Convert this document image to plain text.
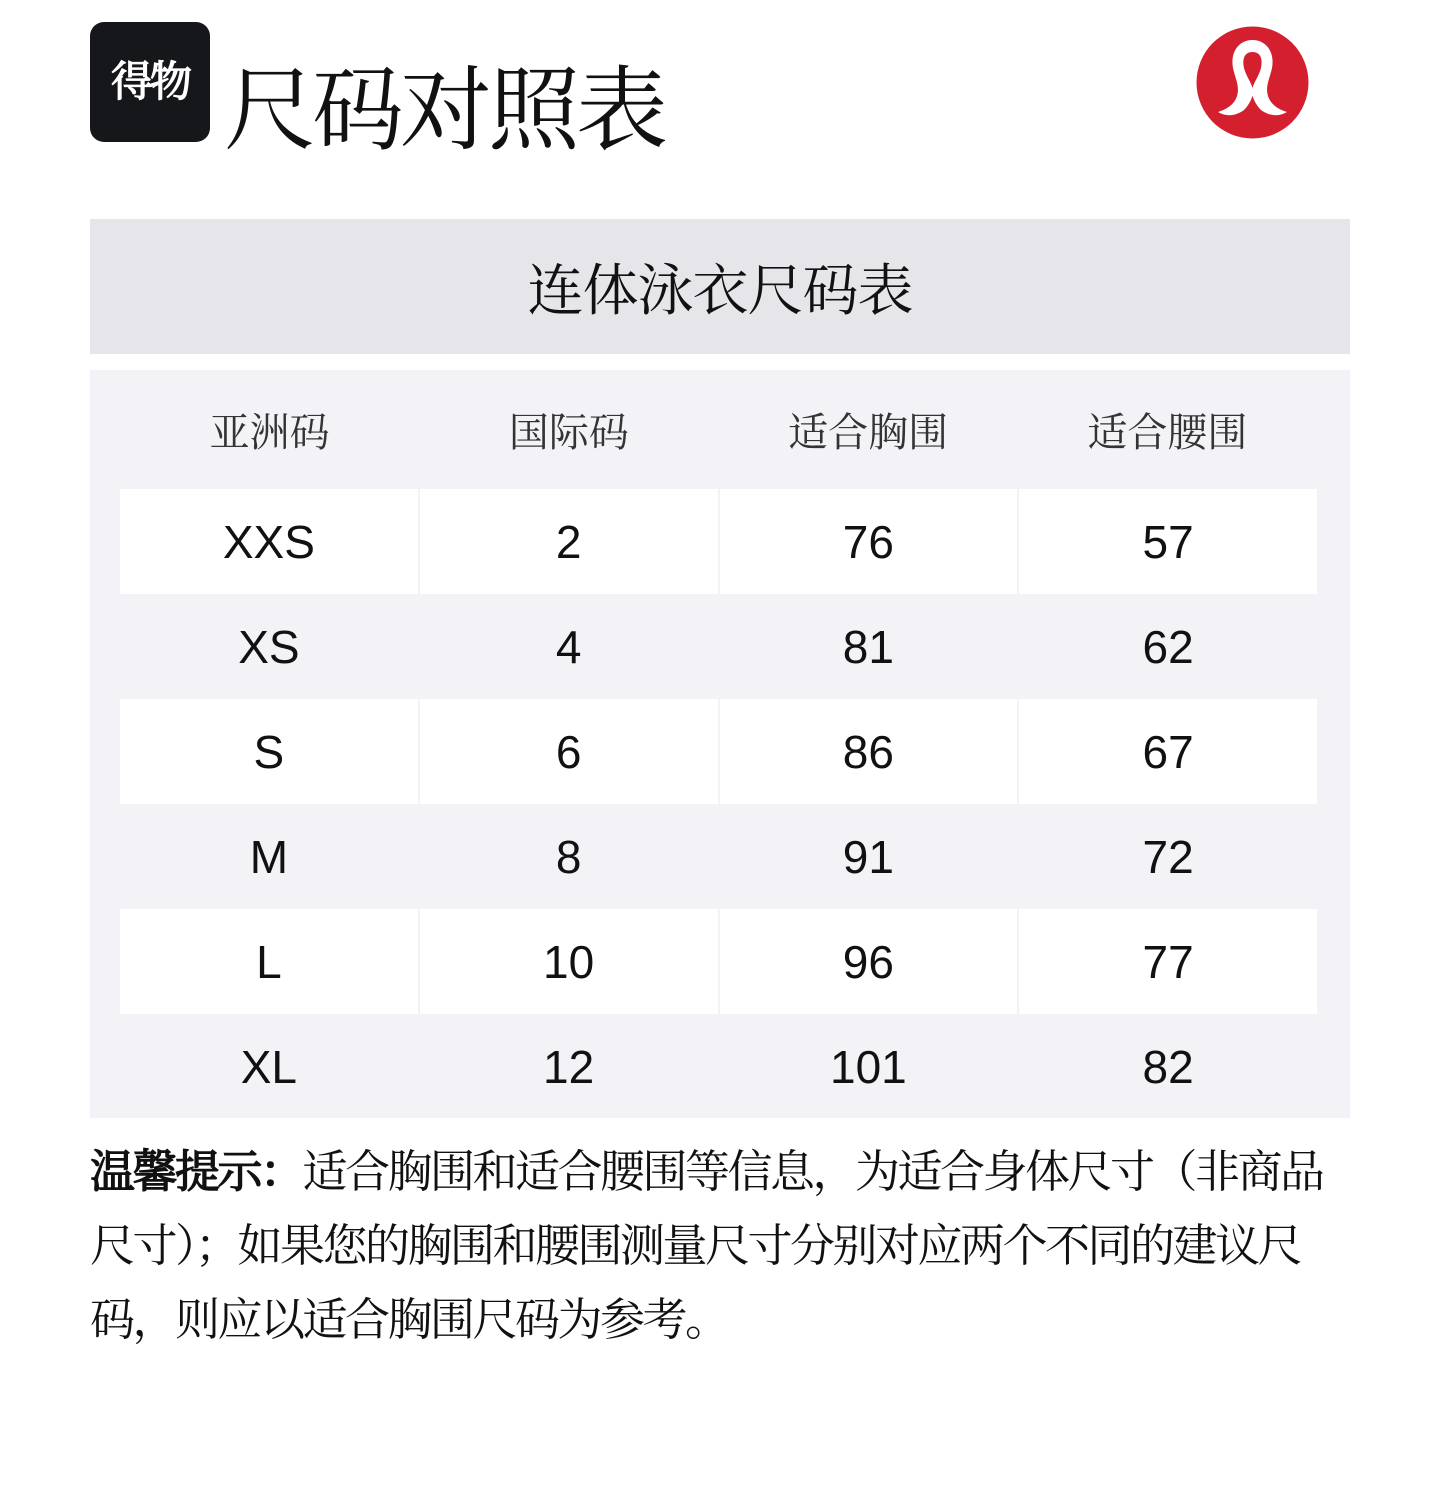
得物 尺码对照表
连体泳衣尺码表
亚洲码	国际码	适合胸围	适合腰围
XXS	2	76	57
XS	4	81	62
S	6	86	67
M	8	91	72
L	10	96	77
XL	12	101	82

温馨提示：适合胸围和适合腰围等信息，为适合身体尺寸（非商品尺寸）；如果您的胸围和腰围测量尺寸分别对应两个不同的建议尺码，则应以适合胸围尺码为参考。
